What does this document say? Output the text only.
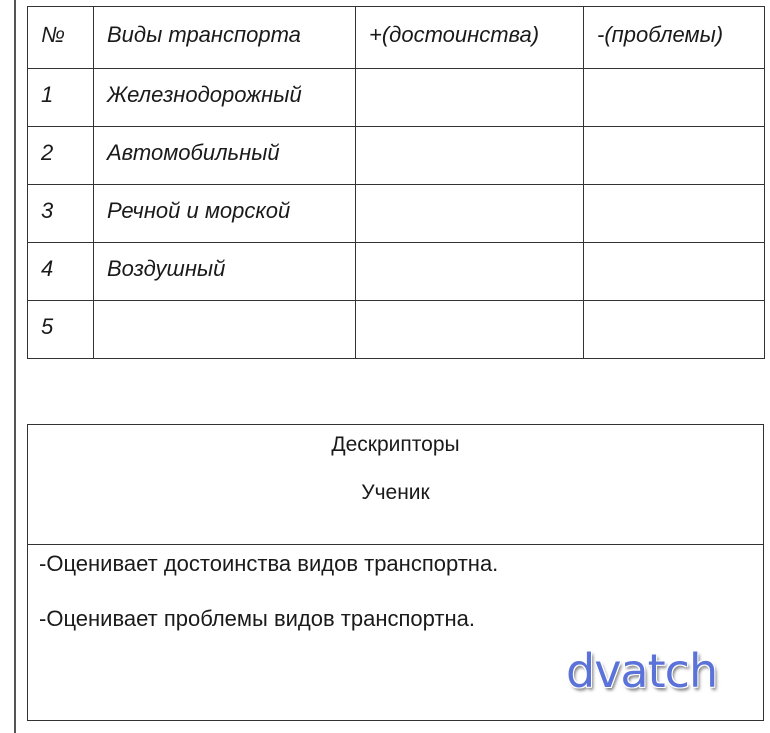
№	Виды транспорта	+(достоинства)	-(проблемы)

1	Железнодорожный		

2	Автомобильный		

3	Речной и морской		

4	Воздушный		

5			

Дескрипторы
Ученик
-Оценивает достоинства видов транспортна.
-Оценивает проблемы видов транспортна.
dvatch
